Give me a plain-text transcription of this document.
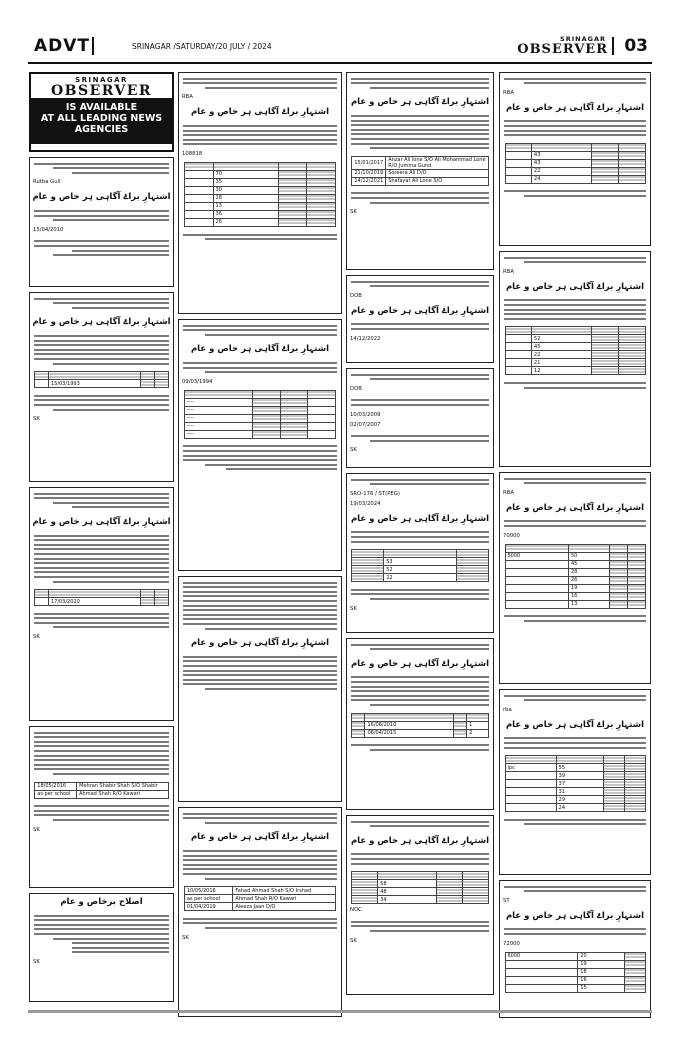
ADVT	SRINAGAR /SATURDAY/20 JULY / 2024
SRINAGAR
OBSERVER 03
SRINAGAR
OBSERVER
IS AVAILABLE
AT ALL LEADING NEWS
AGENCIES
Rutba Gull
اشتہارِ براۓ آگاہی ہر خاص و عام
15/04/2010
اشتہارِ براۓ آگاہی ہر خاص و عام

	15/03/1993		
SK
اشتہارِ براۓ آگاہی ہر خاص و عام

	17/03/2020		
SK
18/05/2016	Mehran Shabir Shah S/O Shabir
as per school	Ahmad Shah R/O Kawari
SK
اصلاح برخاص و عام
SK
RBA
اشتہارِ براۓ آگاہی ہر خاص و عام
108818

	70		
	35		
	30		
	18		
	13		
	36		
	26		
اشتہارِ براۓ آگاہی ہر خاص و عام
09/03/1994

----			
----			
----			
----			
----			
اشتہارِ براۓ آگاہی ہر خاص و عام
اشتہارِ براۓ آگاہی ہر خاص و عام
10/05/2016	Fahad Ahmad Shah S/O Irshad
as per school	Ahmad Shah R/O Kawari
01/04/2019	Aleeza Jaan D/O
SK
اشتہارِ براۓ آگاہی ہر خاص و عام
15/01/2017	Anzar Ali lone S/O Ali Mohammad Lone R/O Jumma Gund
21/10/2019	Soreera Ali D/O
14/12/2021	Shafayat Ali Lone S/O
SK
DOB
اشتہارِ براۓ آگاہی ہر خاص و عام
14/12/2022
DOB
10/03/2009
02/07/2007
SK
SRO-176 / ST(PEG)
19/03/2024
اشتہارِ براۓ آگاہی ہر خاص و عام

	53	
	52	
	22	
SK
اشتہارِ براۓ آگاہی ہر خاص و عام

	16/06/2010		1
	06/04/2015		2
اشتہارِ براۓ آگاہی ہر خاص و عام

	58		
	48		
	34		
NOC
SK
RBA
اشتہارِ براۓ آگاہی ہر خاص و عام

	43		
	43		
	22		
	24		
RBA
اشتہارِ براۓ آگاہی ہر خاص و عام

	52		
	45		
	22		
	21		
	12		
RBA
اشتہارِ براۓ آگاہی ہر خاص و عام
70000

5000	50		
	45		
	28		
	26		
	19		
	16		
	13		
rba
اشتہارِ براۓ آگاہی ہر خاص و عام

ipc	55		
	39		
	37		
	31		
	29		
	24		
ST
اشتہارِ براۓ آگاہی ہر خاص و عام
72000
6000	20	
	19	
	18	
	16	
	15	
